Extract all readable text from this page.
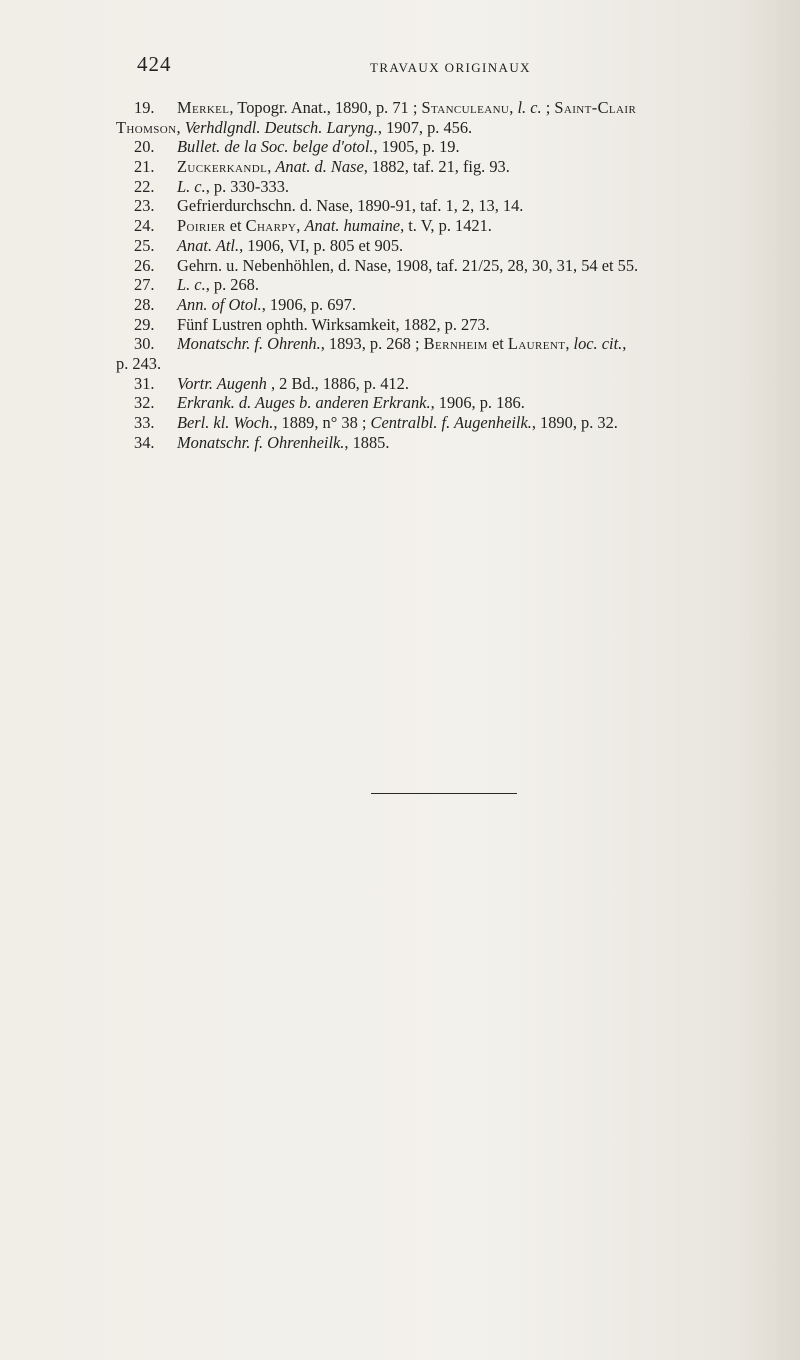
424	TRAVAUX ORIGINAUX
19. Merkel, Topogr. Anat., 1890, p. 71 ; Stanculeanu, l. c. ; Saint-Clair
Thomson, Verhdlgndl. Deutsch. Laryng., 1907, p. 456.
20. Bullet. de la Soc. belge d'otol., 1905, p. 19.
21. Zuckerkandl, Anat. d. Nase, 1882, taf. 21, fig. 93.
22. L. c., p. 330-333.
23. Gefrierdurchschn. d. Nase, 1890-91, taf. 1, 2, 13, 14.
24. Poirier et Charpy, Anat. humaine, t. V, p. 1421.
25. Anat. Atl., 1906, VI, p. 805 et 905.
26. Gehrn. u. Nebenhöhlen, d. Nase, 1908, taf. 21/25, 28, 30, 31, 54 et 55.
27. L. c., p. 268.
28. Ann. of Otol., 1906, p. 697.
29. Fünf Lustren ophth. Wirksamkeit, 1882, p. 273.
30. Monatschr. f. Ohrenh., 1893, p. 268 ; Bernheim et Laurent, loc. cit.,
p. 243.
31. Vortr. Augenh , 2 Bd., 1886, p. 412.
32. Erkrank. d. Auges b. anderen Erkrank., 1906, p. 186.
33. Berl. kl. Woch., 1889, n° 38 ; Centralbl. f. Augenheilk., 1890, p. 32.
34. Monatschr. f. Ohrenheilk., 1885.
